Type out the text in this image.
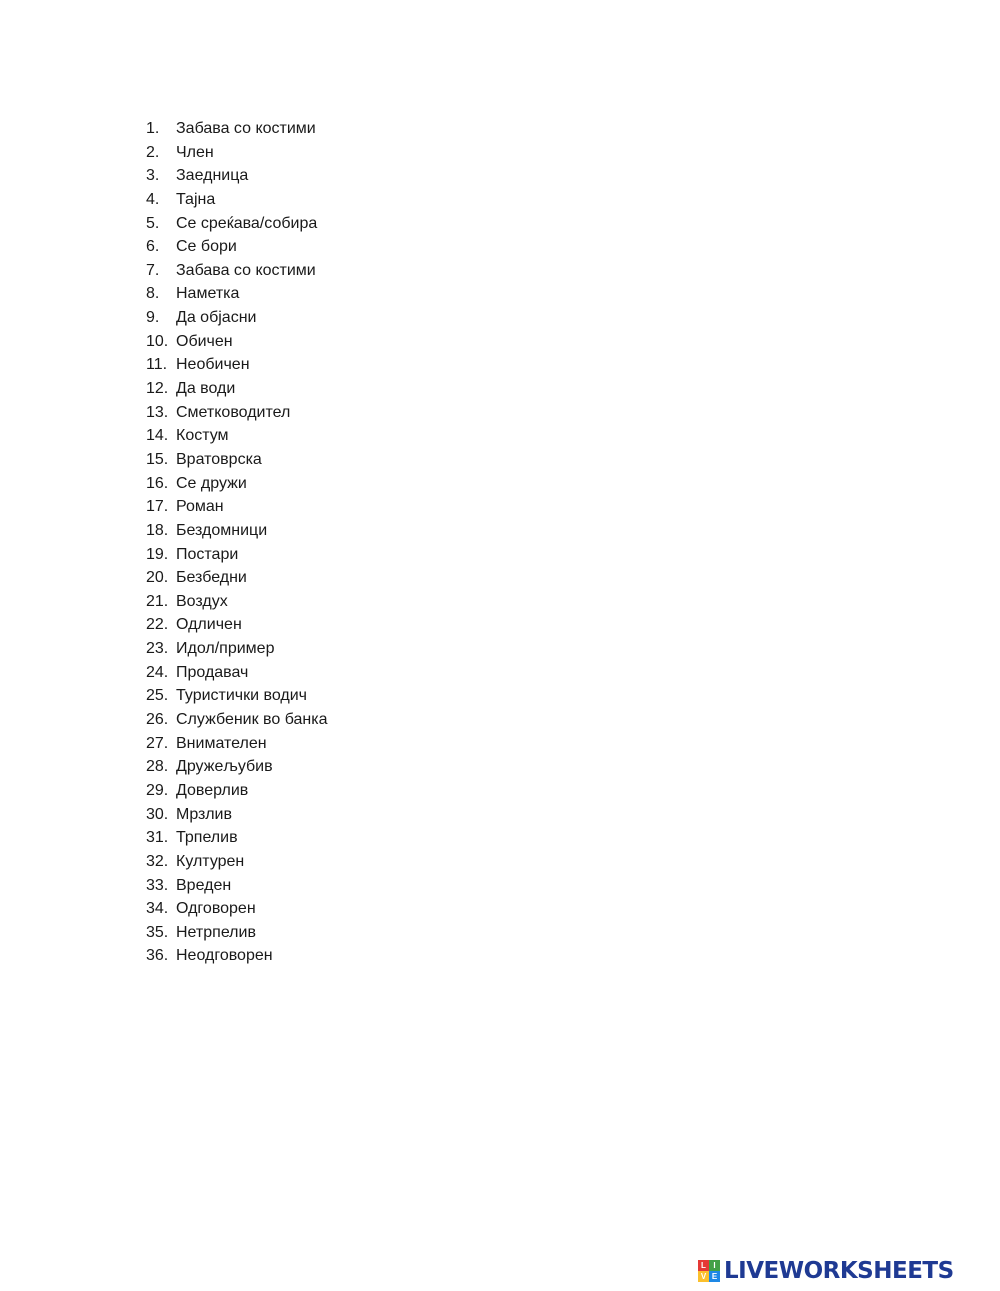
1.	Забава со костими
2.	Член
3.	Заедница
4.	Тајна
5.	Се среќава/собира
6.	Се бори
7.	Забава со костими
8.	Наметка
9.	Да објасни
10. Обичен
11. Необичен
12. Да води
13. Сметководител
14. Костум
15. Вратоврска
16. Се дружи
17. Роман
18. Бездомници
19. Постари
20. Безбедни
21. Воздух
22. Одличен
23. Идол/пример
24. Продавач
25. Туристички водич
26. Службеник во банка
27. Внимателен
28. Дружељубив
29. Доверлив
30. Мрзлив
31. Трпелив
32. Културен
33. Вреден
34. Одговорен
35. Нетрпелив
36. Неодговорен
L I
V E LIVEWORKSHEETS
